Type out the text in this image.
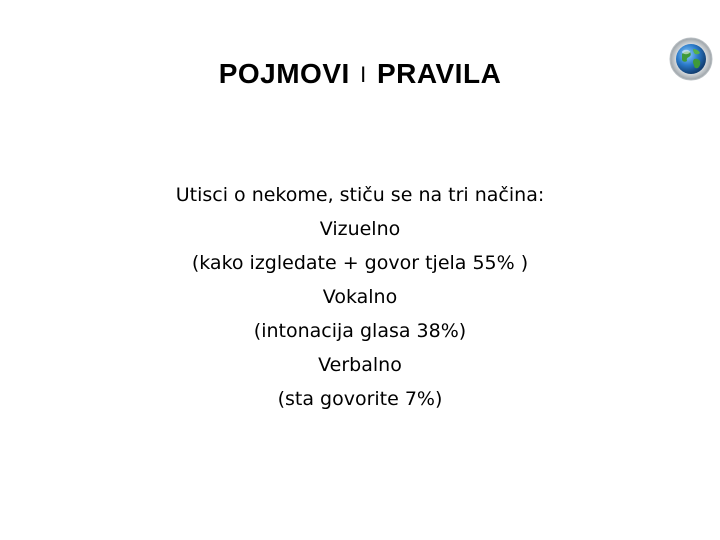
POJMOVI I PRAVILA
Utisci o nekome, stiču se na tri načina:
Vizuelno
(kako izgledate + govor tjela 55% )
Vokalno
(intonacija glasa 38%)
Verbalno
(sta govorite 7%)
